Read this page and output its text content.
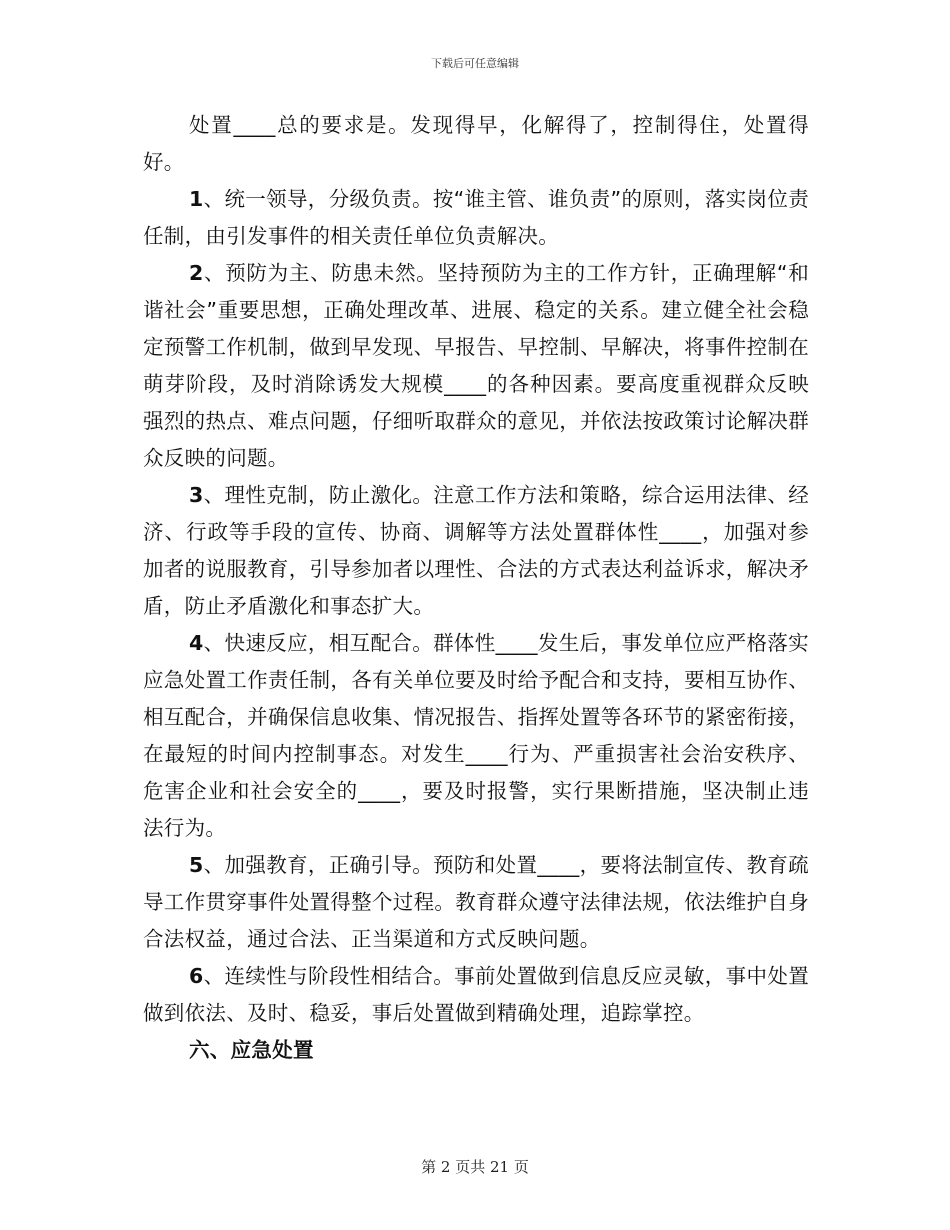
下载后可任意编辑

处置____总的要求是。发现得早，化解得了，控制得住，处置得好。

1、统一领导，分级负责。按“谁主管、谁负责”的原则，落实岗位责任制，由引发事件的相关责任单位负责解决。

2、预防为主、防患未然。坚持预防为主的工作方针，正确理解“和谐社会”重要思想，正确处理改革、进展、稳定的关系。建立健全社会稳定预警工作机制，做到早发现、早报告、早控制、早解决，将事件控制在萌芽阶段，及时消除诱发大规模____的各种因素。要高度重视群众反映强烈的热点、难点问题，仔细听取群众的意见，并依法按政策讨论解决群众反映的问题。

3、理性克制，防止激化。注意工作方法和策略，综合运用法律、经济、行政等手段的宣传、协商、调解等方法处置群体性____，加强对参加者的说服教育，引导参加者以理性、合法的方式表达利益诉求，解决矛盾，防止矛盾激化和事态扩大。

4、快速反应，相互配合。群体性____发生后，事发单位应严格落实应急处置工作责任制，各有关单位要及时给予配合和支持，要相互协作、相互配合，并确保信息收集、情况报告、指挥处置等各环节的紧密衔接，在最短的时间内控制事态。对发生____行为、严重损害社会治安秩序、危害企业和社会安全的____，要及时报警，实行果断措施，坚决制止违法行为。

5、加强教育，正确引导。预防和处置____，要将法制宣传、教育疏导工作贯穿事件处置得整个过程。教育群众遵守法律法规，依法维护自身合法权益，通过合法、正当渠道和方式反映问题。

6、连续性与阶段性相结合。事前处置做到信息反应灵敏，事中处置做到依法、及时、稳妥，事后处置做到精确处理，追踪掌控。

六、应急处置

第 2 页共 21 页
